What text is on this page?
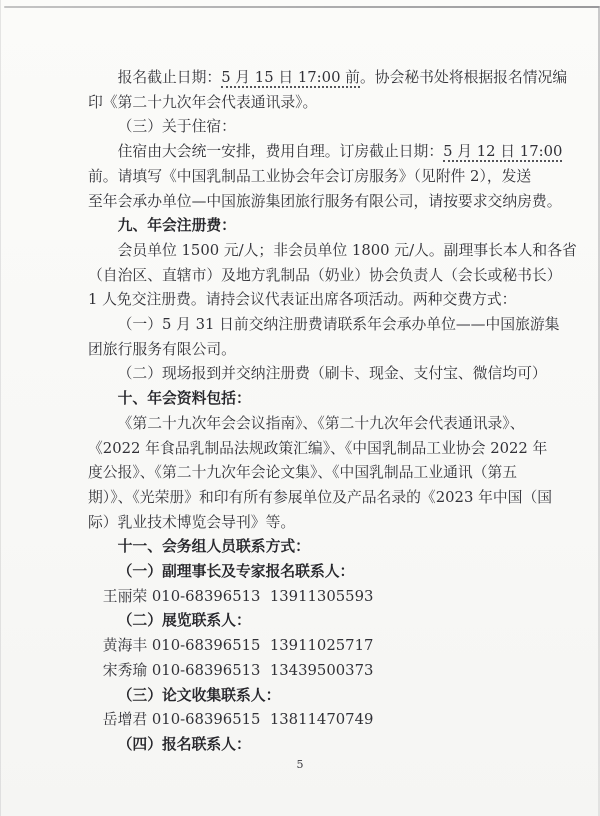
报名截止日期：5 月 15 日 17:00 前。协会秘书处将根据报名情况编
印《第二十九次年会代表通讯录》。
（三）关于住宿：
住宿由大会统一安排，费用自理。订房截止日期：5 月 12 日 17:00
前。请填写《中国乳制品工业协会年会订房服务》（见附件 2），发送
至年会承办单位—中国旅游集团旅行服务有限公司，请按要求交纳房费。
九、年会注册费：
会员单位 1500 元/人；非会员单位 1800 元/人。副理事长本人和各省
（自治区、直辖市）及地方乳制品（奶业）协会负责人（会长或秘书长）
1 人免交注册费。请持会议代表证出席各项活动。两种交费方式：
（一）5 月 31 日前交纳注册费请联系年会承办单位——中国旅游集
团旅行服务有限公司。
（二）现场报到并交纳注册费（刷卡、现金、支付宝、微信均可）
十、年会资料包括：
《第二十九次年会会议指南》、《第二十九次年会代表通讯录》、
《2022 年食品乳制品法规政策汇编》、《中国乳制品工业协会 2022 年
度公报》、《第二十九次年会论文集》、《中国乳制品工业通讯（第五
期）》、《光荣册》和印有所有参展单位及产品名录的《2023 年中国（国
际）乳业技术博览会导刊》等。
十一、会务组人员联系方式：
（一）副理事长及专家报名联系人：
王丽荣 010-68396513  13911305593
（二）展览联系人：
黄海丰 010-68396515  13911025717
宋秀瑜 010-68396513  13439500373
（三）论文收集联系人：
岳增君 010-68396515  13811470749
（四）报名联系人：
5
